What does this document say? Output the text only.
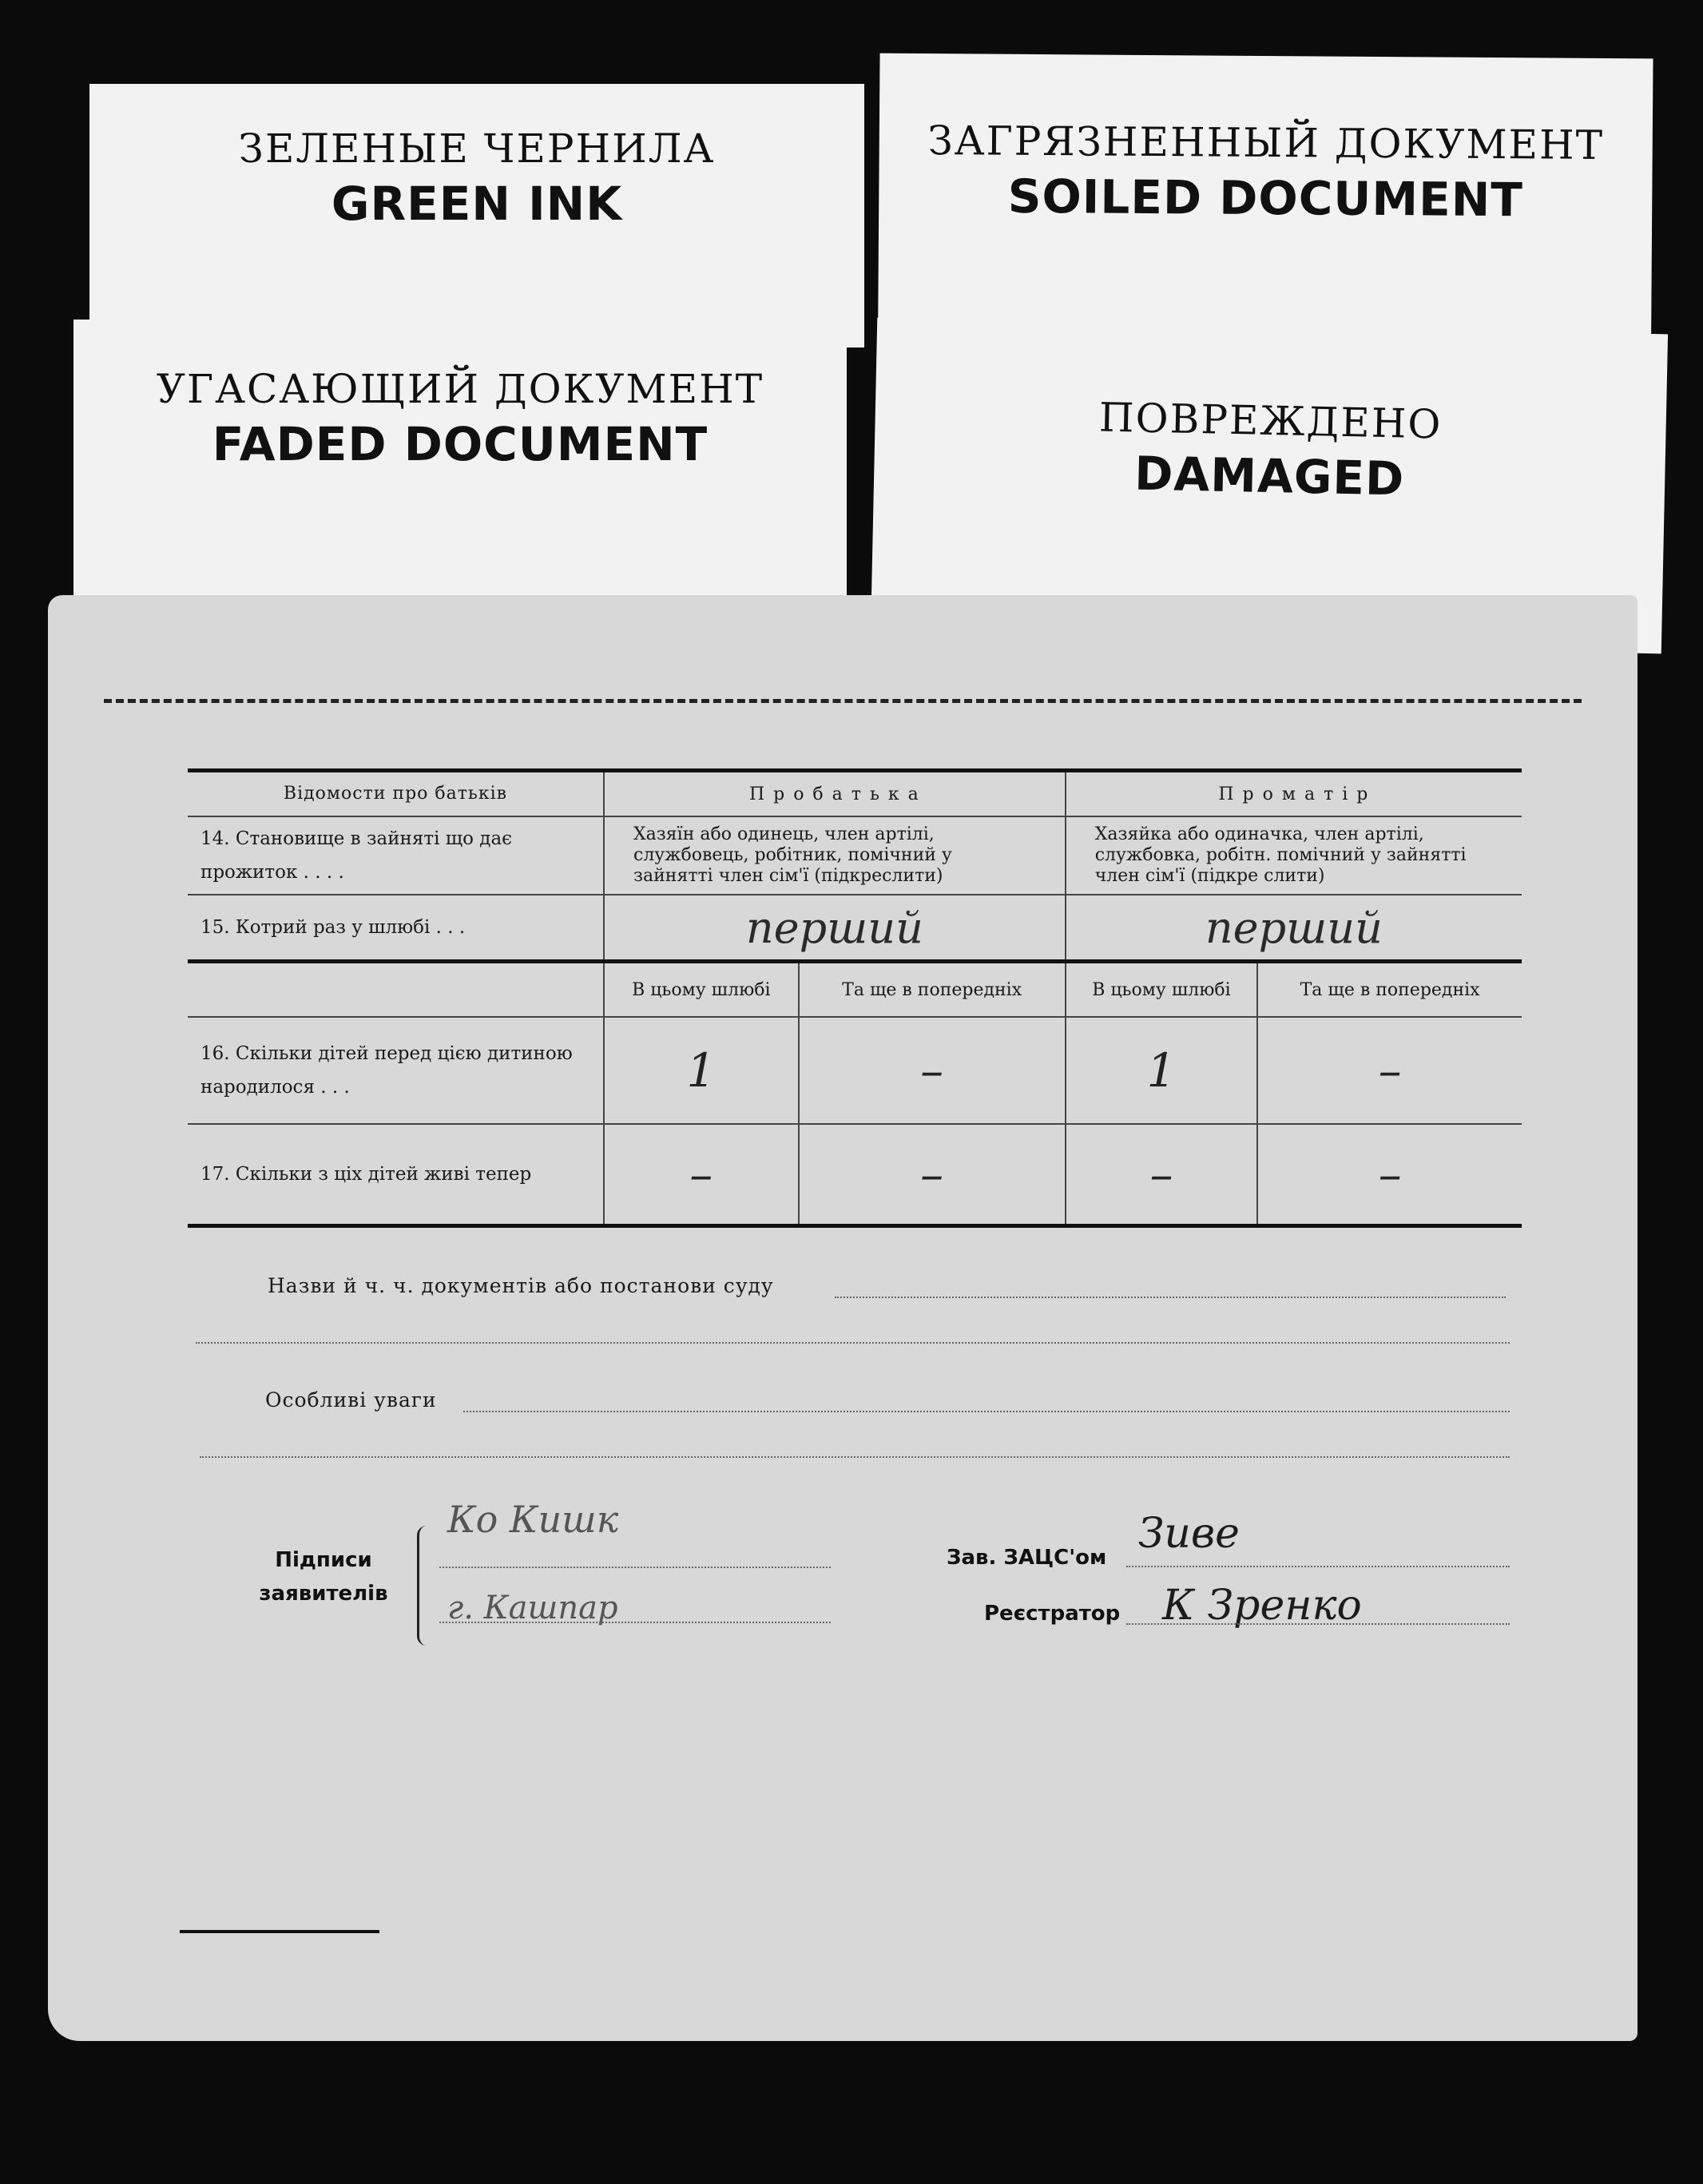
ЗАГРЯЗНЕННЫЙ ДОКУМЕНТ
SOILED DOCUMENT
ЗЕЛЕНЫЕ ЧЕРНИЛА
GREEN INK
ПОВРЕЖДЕНО
DAMAGED
УГАСАЮЩИЙ ДОКУМЕНТ
FADED DOCUMENT
Відомости про батьків	П р о б а т ь к а		П р о м а т і р	
14. Становище в зайняті що дає прожиток . . . .	Хазяїн або одинець, член артілі, службовець, робітник, помічний у зайнятті член сім'ї (підкреслити)		Хазяйка або одиначка, член артілі, службовка, робітн. помічний у зайнятті член сім'ї (підкре слити)	
15. Котрий раз у шлюбі . . .	перший		перший	
	В цьому шлюбі	Та ще в попередніх	В цьому шлюбі	Та ще в попередніх
16. Скільки дітей перед цією дитиною народилося . . .	1	–	1	–
17. Скільки з ціх дітей живі тепер	–	–	–	–
Назви й ч. ч. документів або постанови суду
Особливі уваги
Підписи
заявителів
Ко Кишк
г. Кашпар
Зав. ЗАЦС'ом Зиве
Реєстратор К Зренко
